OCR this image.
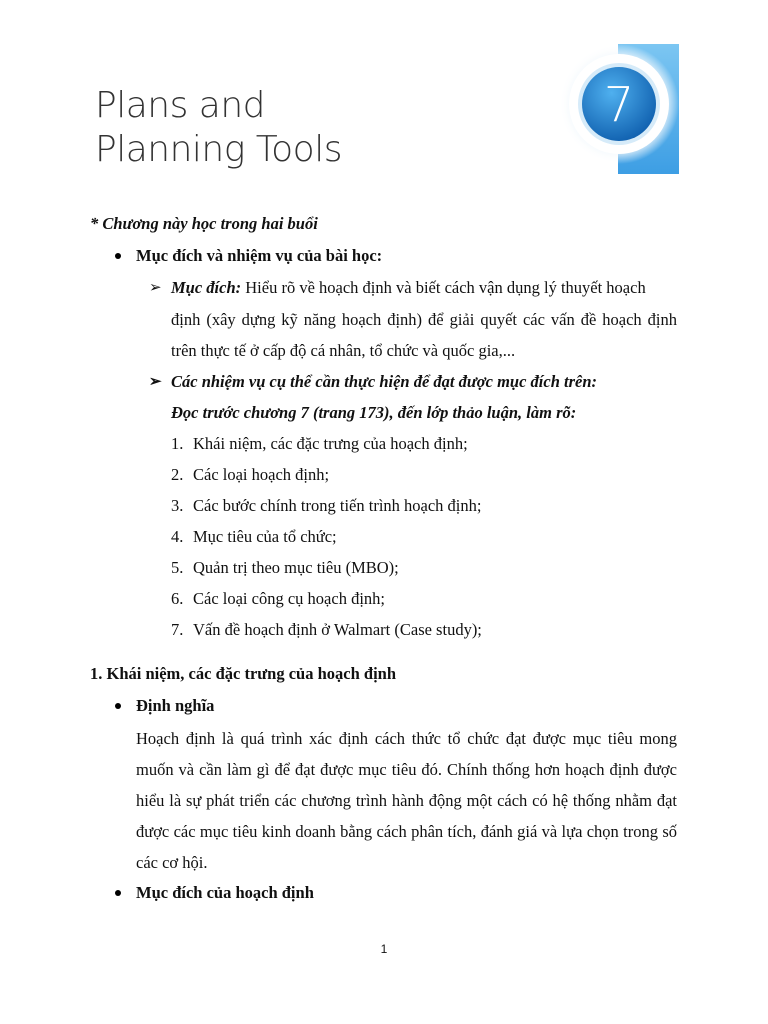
Plans and
Planning Tools
7
* Chương này học trong hai buổi
Mục đích và nhiệm vụ của bài học:
➢ Mục đích: Hiểu rõ về hoạch định và biết cách vận dụng lý thuyết hoạch
định (xây dựng kỹ năng hoạch định) để giải quyết các vấn đề hoạch định trên thực tế ở cấp độ cá nhân, tổ chức và quốc gia,...
➢ Các nhiệm vụ cụ thể cần thực hiện để đạt được mục đích trên:
Đọc trước chương 7 (trang 173), đến lớp thảo luận, làm rõ:
1. Khái niệm, các đặc trưng của hoạch định;
2. Các loại hoạch định;
3. Các bước chính trong tiến trình hoạch định;
4. Mục tiêu của tổ chức;
5. Quản trị theo mục tiêu (MBO);
6. Các loại công cụ hoạch định;
7. Vấn đề hoạch định ở Walmart (Case study);
1. Khái niệm, các đặc trưng của hoạch định
Định nghĩa
Hoạch định là quá trình xác định cách thức tổ chức đạt được mục tiêu mong muốn và cần làm gì để đạt được mục tiêu đó. Chính thống hơn hoạch định được hiểu là sự phát triển các chương trình hành động một cách có hệ thống nhằm đạt được các mục tiêu kinh doanh bằng cách phân tích, đánh giá và lựa chọn trong số các cơ hội.
Mục đích của hoạch định
1
